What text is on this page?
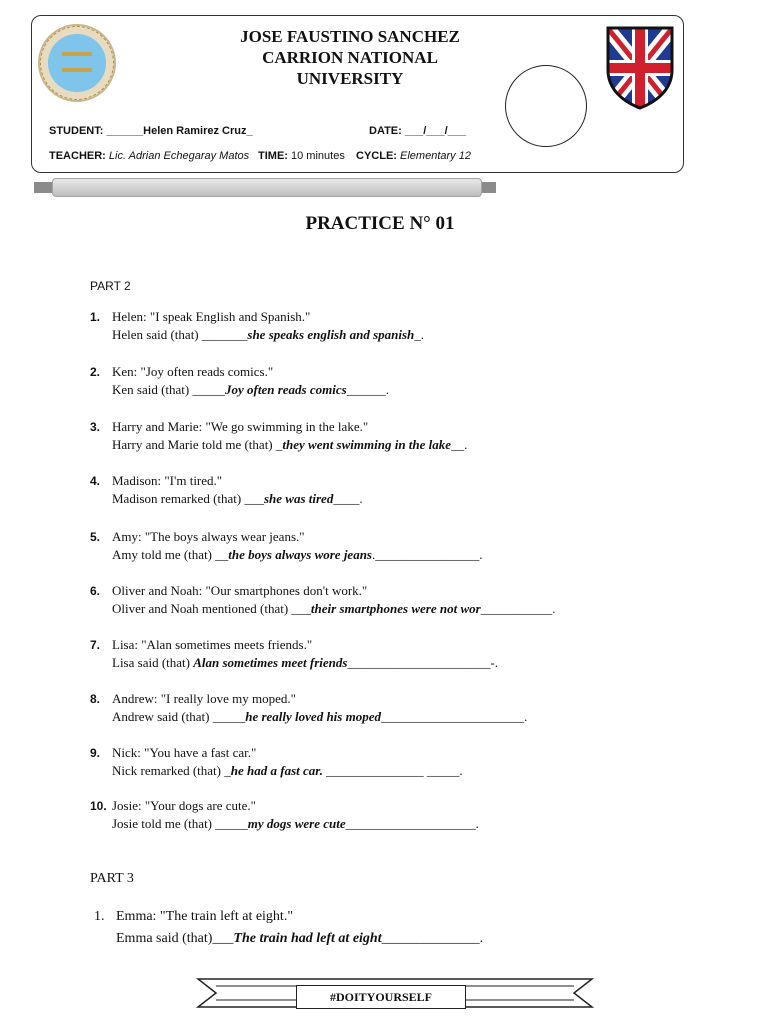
JOSE FAUSTINO SANCHEZ
CARRION NATIONAL
UNIVERSITY
STUDENT: ______Helen Ramirez Cruz_	DATE: ___/___/___
TEACHER: Lic. Adrian Echegaray Matos TIME: 10 minutes CYCLE: Elementary 12
PRACTICE N° 01
PART 2
1. Helen: "I speak English and Spanish."
Helen said (that) _______she speaks english and spanish_.
2. Ken: "Joy often reads comics."
Ken said (that) _____Joy often reads comics______.
3. Harry and Marie: "We go swimming in the lake."
Harry and Marie told me (that) _they went swimming in the lake__.
4. Madison: "I'm tired."
Madison remarked (that) ___she was tired____.
5. Amy: "The boys always wear jeans."
Amy told me (that) __the boys always wore jeans.________________.
6. Oliver and Noah: "Our smartphones don't work."
Oliver and Noah mentioned (that) ___their smartphones were not wor___________.
7. Lisa: "Alan sometimes meets friends."
Lisa said (that) Alan sometimes meet friends______________________-.
8. Andrew: "I really love my moped."
Andrew said (that) _____he really loved his moped______________________.
9. Nick: "You have a fast car."
Nick remarked (that) _he had a fast car. _______________ _____.
10. Josie: "Your dogs are cute."
Josie told me (that) _____my dogs were cute____________________.
PART 3
1. Emma: "The train left at eight."
Emma said (that)___The train had left at eight______________.
#DOITYOURSELF
